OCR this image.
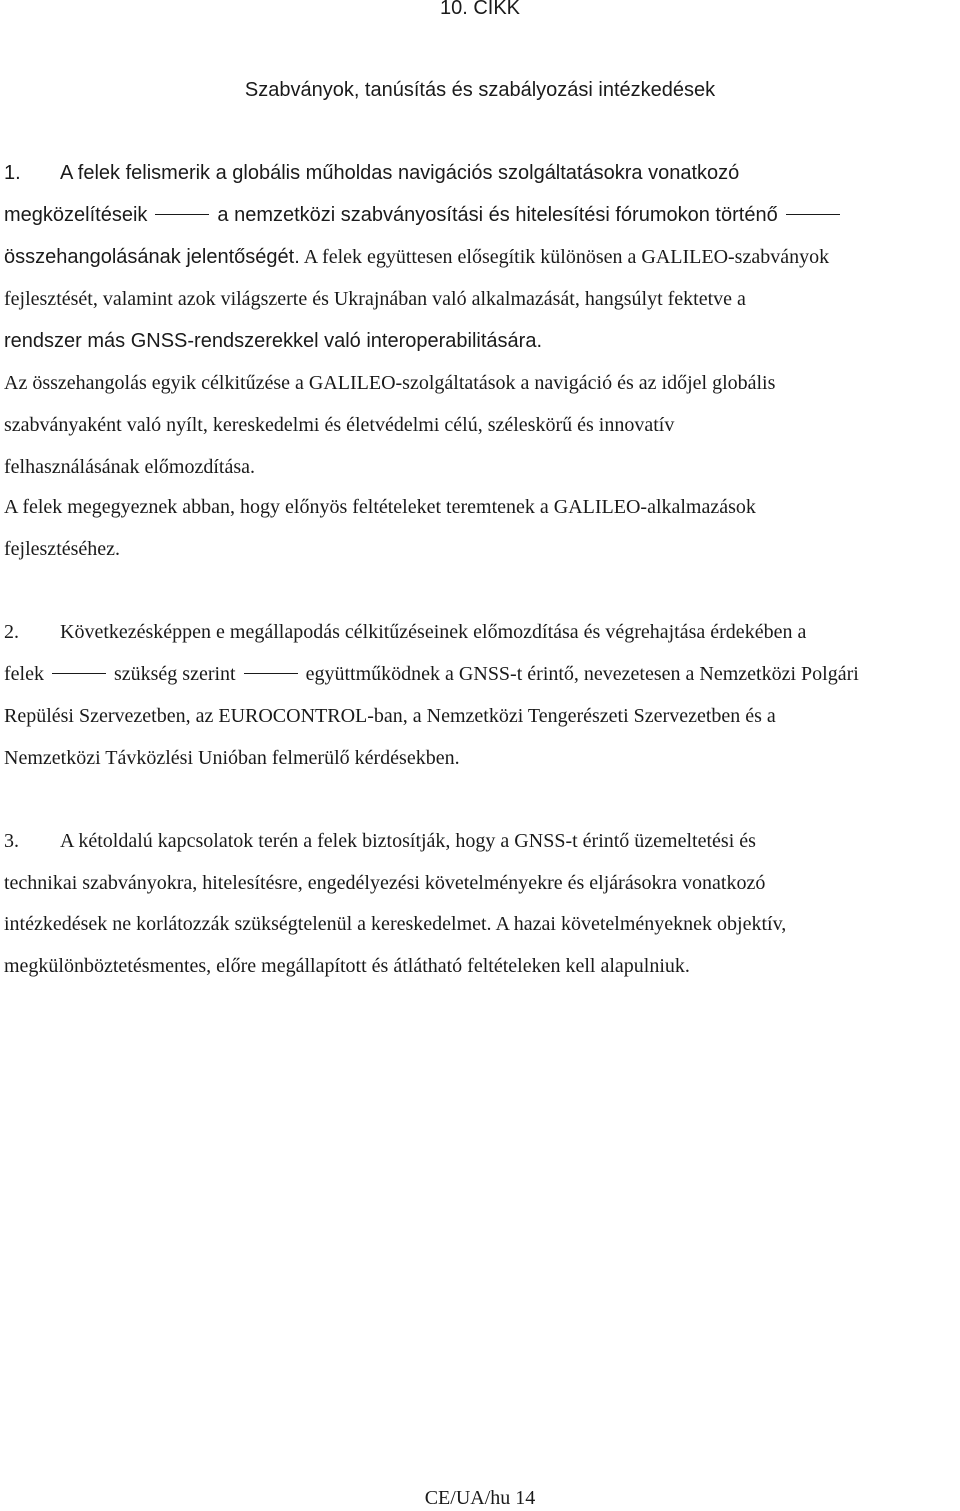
10. CIKK
Szabványok, tanúsítás és szabályozási intézkedések
1. A felek felismerik a globális műholdas navigációs szolgáltatásokra vonatkozó
megközelítéseik	a nemzetközi szabványosítási és hitelesítési fórumokon történő
összehangolásának jelentőségét. A felek együttesen elősegítik különösen a GALILEO-szabványok
fejlesztését, valamint azok világszerte és Ukrajnában való alkalmazását, hangsúlyt fektetve a
rendszer más GNSS-rendszerekkel való interoperabilitására.
Az összehangolás egyik célkitűzése a GALILEO-szolgáltatások a navigáció és az időjel globális
szabványaként való nyílt, kereskedelmi és életvédelmi célú, széleskörű és innovatív
felhasználásának előmozdítása.
A felek megegyeznek abban, hogy előnyös feltételeket teremtenek a GALILEO-alkalmazások
fejlesztéséhez.
2. Következésképpen e megállapodás célkitűzéseinek előmozdítása és végrehajtása érdekében a
felek	szükség szerint	együttműködnek a GNSS-t érintő, nevezetesen a Nemzetközi Polgári
Repülési Szervezetben, az EUROCONTROL-ban, a Nemzetközi Tengerészeti Szervezetben és a
Nemzetközi Távközlési Unióban felmerülő kérdésekben.
3. A kétoldalú kapcsolatok terén a felek biztosítják, hogy a GNSS-t érintő üzemeltetési és
technikai szabványokra, hitelesítésre, engedélyezési követelményekre és eljárásokra vonatkozó
intézkedések ne korlátozzák szükségtelenül a kereskedelmet. A hazai követelményeknek objektív,
megkülönböztetésmentes, előre megállapított és átlátható feltételeken kell alapulniuk.
CE/UA/hu 14
